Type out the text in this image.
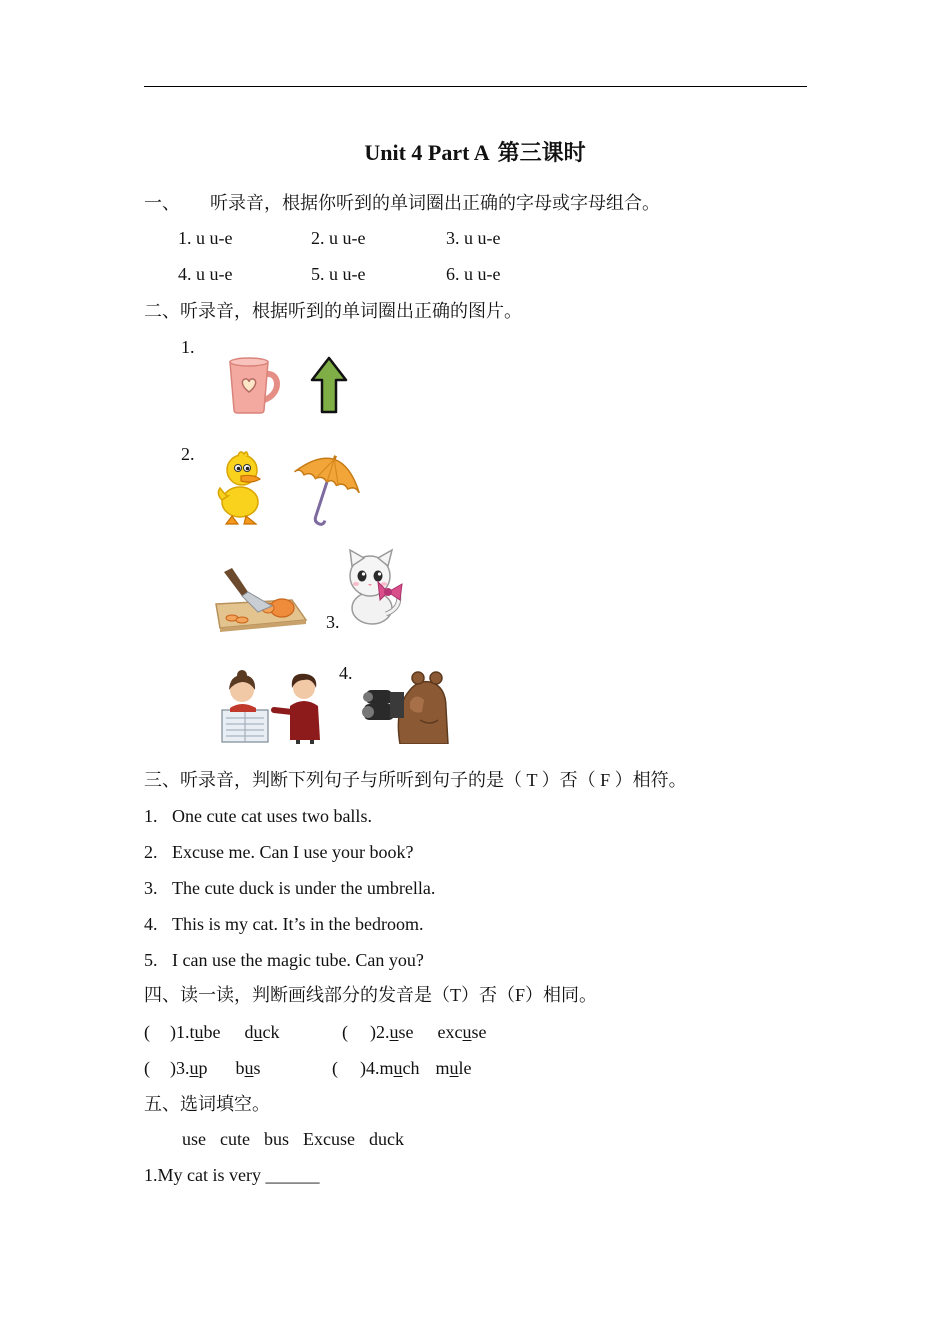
Unit 4 Part A 第三课时
一、 听录音，根据你听到的单词圈出正确的字母或字母组合。
1. u u-e	2. u u-e	3. u u-e
4. u u-e	5. u u-e	6. u u-e
二、听录音，根据听到的单词圈出正确的图片。
1.
2.
3.
4.
三、听录音，判断下列句子与所听到句子的是（ T ）否（ F ）相符。
1. One cute cat uses two balls.
2. Excuse me. Can I use your book?
3. The cute duck is under the umbrella.
4. This is my cat. It’s in the bedroom.
5. I can use the magic tube. Can you?
四、读一读，判断画线部分的发音是（T）否（F）相同。
( )1.tube duck	( )2.use excuse
( )3.up bus	( )4.much mule
五、选词填空。
use cute bus Excuse duck
1.My cat is very ______
